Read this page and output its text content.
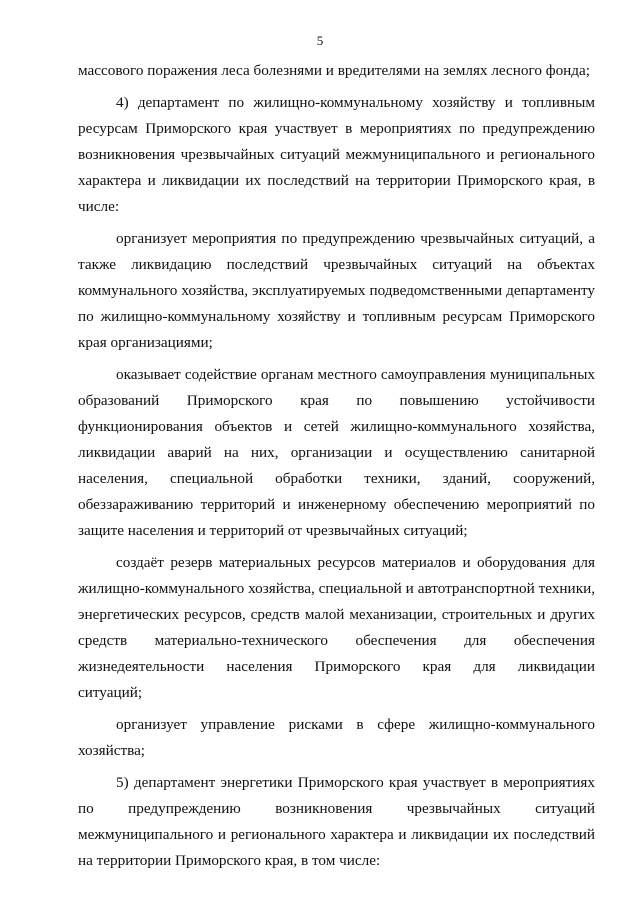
5
массового поражения леса болезнями и вредителями на землях лесного фонда;
4) департамент по жилищно-коммунальному хозяйству и топливным
ресурсам Приморского края участвует в мероприятиях по предупреждению
возникновения чрезвычайных ситуаций межмуниципального и регионального
характера и ликвидации их последствий на территории Приморского края, в
числе:
организует мероприятия по предупреждению чрезвычайных ситуаций, а
также ликвидацию последствий чрезвычайных ситуаций на объектах
коммунального хозяйства, эксплуатируемых подведомственными департаменту
по жилищно-коммунальному хозяйству и топливным ресурсам Приморского
края организациями;
оказывает содействие органам местного самоуправления муниципальных
образований Приморского края по повышению устойчивости
функционирования объектов и сетей жилищно-коммунального хозяйства,
ликвидации аварий на них, организации и осуществлению санитарной
населения, специальной обработки техники, зданий, сооружений,
обеззараживанию территорий и инженерному обеспечению мероприятий по
защите населения и территорий от чрезвычайных ситуаций;
создаёт резерв материальных ресурсов материалов и оборудования для
жилищно-коммунального хозяйства, специальной и автотранспортной техники,
энергетических ресурсов, средств малой механизации, строительных и других
средств материально-технического обеспечения для обеспечения
жизнедеятельности населения Приморского края для ликвидации
ситуаций;
организует управление рисками в сфере жилищно-коммунального
хозяйства;
5) департамент энергетики Приморского края участвует в мероприятиях
по предупреждению возникновения чрезвычайных ситуаций
межмуниципального и регионального характера и ликвидации их последствий
на территории Приморского края, в том числе:
